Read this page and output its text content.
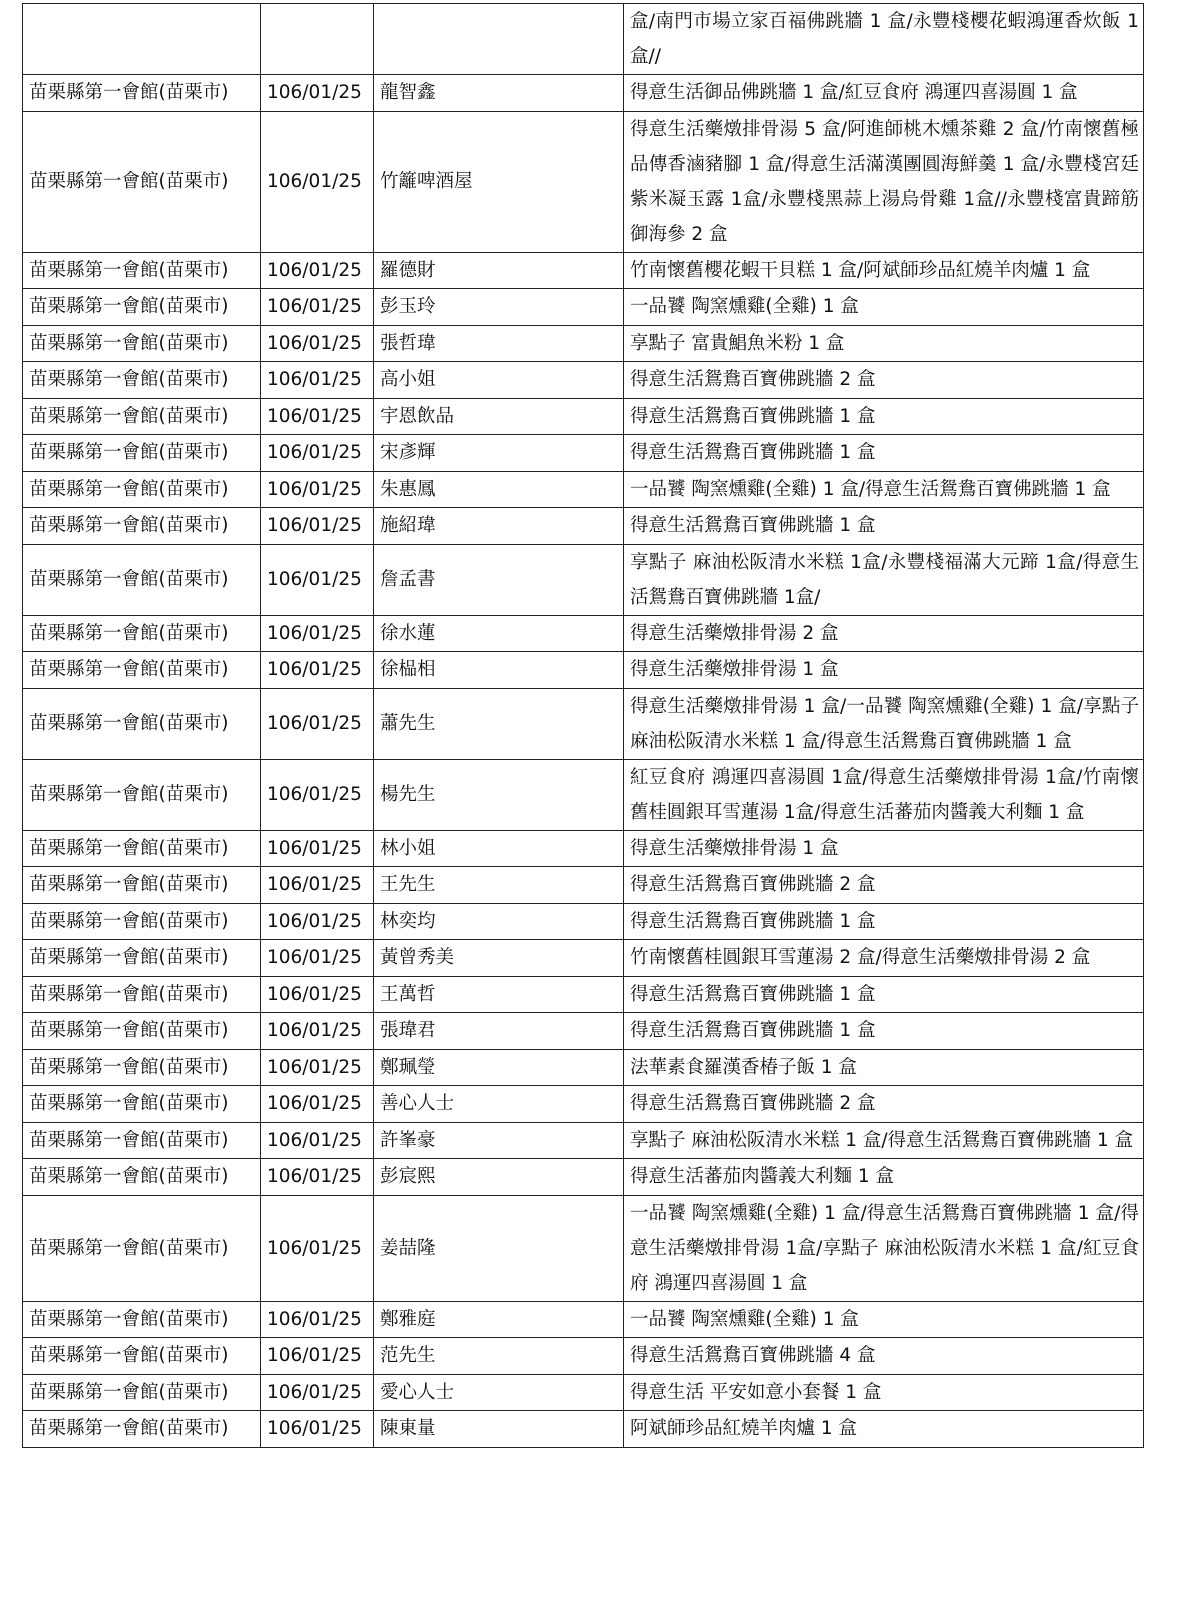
			盒/南門市場立家百福佛跳牆 1 盒/永豐棧櫻花蝦鴻運香炊飯 1 盒//
苗栗縣第一會館(苗栗市)	106/01/25	龍智鑫	得意生活御品佛跳牆 1 盒/紅豆食府 鴻運四喜湯圓 1 盒
苗栗縣第一會館(苗栗市)	106/01/25	竹籬啤酒屋	得意生活藥燉排骨湯 5 盒/阿進師桃木燻茶雞 2 盒/竹南懷舊極品傳香滷豬腳 1 盒/得意生活滿漢團圓海鮮羹 1 盒/永豐棧宮廷紫米凝玉露 1盒/永豐棧黑蒜上湯烏骨雞 1盒//永豐棧富貴蹄筋御海參 2 盒
苗栗縣第一會館(苗栗市)	106/01/25	羅德財	竹南懷舊櫻花蝦干貝糕 1 盒/阿斌師珍品紅燒羊肉爐 1 盒
苗栗縣第一會館(苗栗市)	106/01/25	彭玉玲	一品饕 陶窯燻雞(全雞) 1 盒
苗栗縣第一會館(苗栗市)	106/01/25	張哲瑋	享點子 富貴鯧魚米粉 1 盒
苗栗縣第一會館(苗栗市)	106/01/25	高小姐	得意生活鴛鴦百寶佛跳牆 2 盒
苗栗縣第一會館(苗栗市)	106/01/25	宇恩飲品	得意生活鴛鴦百寶佛跳牆 1 盒
苗栗縣第一會館(苗栗市)	106/01/25	宋彥輝	得意生活鴛鴦百寶佛跳牆 1 盒
苗栗縣第一會館(苗栗市)	106/01/25	朱惠鳳	一品饕 陶窯燻雞(全雞) 1 盒/得意生活鴛鴦百寶佛跳牆 1 盒
苗栗縣第一會館(苗栗市)	106/01/25	施紹瑋	得意生活鴛鴦百寶佛跳牆 1 盒
苗栗縣第一會館(苗栗市)	106/01/25	詹孟書	享點子 麻油松阪清水米糕 1盒/永豐棧福滿大元蹄 1盒/得意生活鴛鴦百寶佛跳牆 1盒/
苗栗縣第一會館(苗栗市)	106/01/25	徐水蓮	得意生活藥燉排骨湯 2 盒
苗栗縣第一會館(苗栗市)	106/01/25	徐榀相	得意生活藥燉排骨湯 1 盒
苗栗縣第一會館(苗栗市)	106/01/25	蕭先生	得意生活藥燉排骨湯 1 盒/一品饕 陶窯燻雞(全雞) 1 盒/享點子 麻油松阪清水米糕 1 盒/得意生活鴛鴦百寶佛跳牆 1 盒
苗栗縣第一會館(苗栗市)	106/01/25	楊先生	紅豆食府 鴻運四喜湯圓 1盒/得意生活藥燉排骨湯 1盒/竹南懷舊桂圓銀耳雪蓮湯 1盒/得意生活蕃茄肉醬義大利麵 1 盒
苗栗縣第一會館(苗栗市)	106/01/25	林小姐	得意生活藥燉排骨湯 1 盒
苗栗縣第一會館(苗栗市)	106/01/25	王先生	得意生活鴛鴦百寶佛跳牆 2 盒
苗栗縣第一會館(苗栗市)	106/01/25	林奕均	得意生活鴛鴦百寶佛跳牆 1 盒
苗栗縣第一會館(苗栗市)	106/01/25	黃曾秀美	竹南懷舊桂圓銀耳雪蓮湯 2 盒/得意生活藥燉排骨湯 2 盒
苗栗縣第一會館(苗栗市)	106/01/25	王萬哲	得意生活鴛鴦百寶佛跳牆 1 盒
苗栗縣第一會館(苗栗市)	106/01/25	張瑋君	得意生活鴛鴦百寶佛跳牆 1 盒
苗栗縣第一會館(苗栗市)	106/01/25	鄭珮瑩	法華素食羅漢香椿子飯 1 盒
苗栗縣第一會館(苗栗市)	106/01/25	善心人士	得意生活鴛鴦百寶佛跳牆 2 盒
苗栗縣第一會館(苗栗市)	106/01/25	許峯豪	享點子 麻油松阪清水米糕 1 盒/得意生活鴛鴦百寶佛跳牆 1 盒
苗栗縣第一會館(苗栗市)	106/01/25	彭宸熙	得意生活蕃茄肉醬義大利麵 1 盒
苗栗縣第一會館(苗栗市)	106/01/25	姜喆隆	一品饕 陶窯燻雞(全雞) 1 盒/得意生活鴛鴦百寶佛跳牆 1 盒/得意生活藥燉排骨湯 1盒/享點子 麻油松阪清水米糕 1 盒/紅豆食府 鴻運四喜湯圓 1 盒
苗栗縣第一會館(苗栗市)	106/01/25	鄭雅庭	一品饕 陶窯燻雞(全雞) 1 盒
苗栗縣第一會館(苗栗市)	106/01/25	范先生	得意生活鴛鴦百寶佛跳牆 4 盒
苗栗縣第一會館(苗栗市)	106/01/25	愛心人士	得意生活 平安如意小套餐 1 盒
苗栗縣第一會館(苗栗市)	106/01/25	陳東量	阿斌師珍品紅燒羊肉爐 1 盒
